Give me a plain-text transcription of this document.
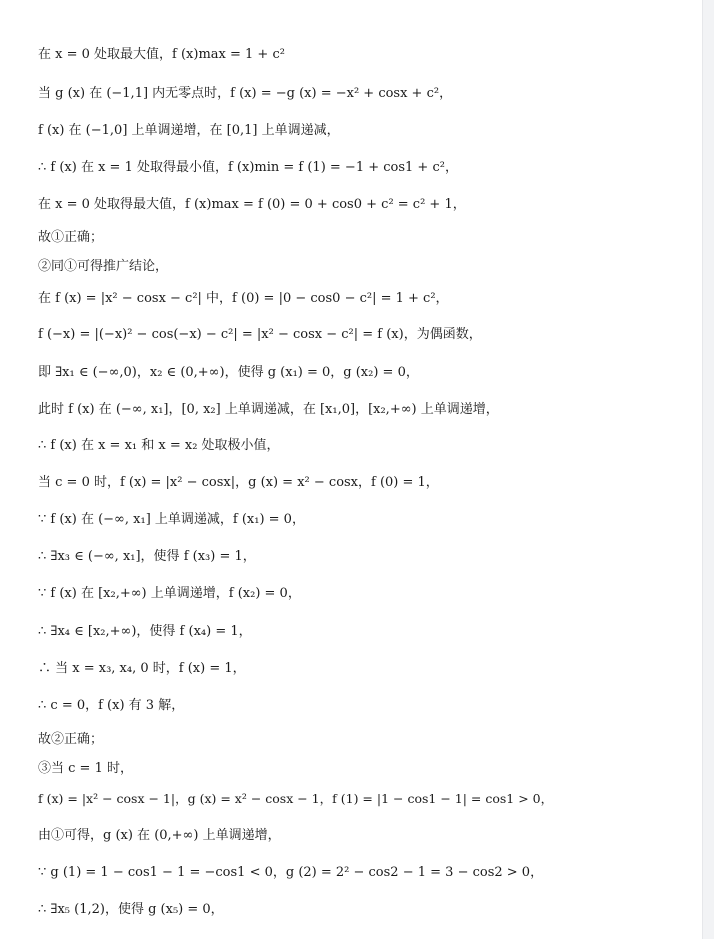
在 x = 0 处取最大值，f (x)max = 1 + c²
当 g (x) 在 (−1,1] 内无零点时，f (x) = −g (x) = −x² + cosx + c²，
f (x) 在 (−1,0] 上单调递增，在 [0,1] 上单调递减，
∴ f (x) 在 x = 1 处取得最小值，f (x)min = f (1) = −1 + cos1 + c²，
在 x = 0 处取得最大值，f (x)max = f (0) = 0 + cos0 + c² = c² + 1，
故①正确；
②同①可得推广结论，
在 f (x) = |x² − cosx − c²| 中，f (0) = |0 − cos0 − c²| = 1 + c²，
f (−x) = |(−x)² − cos(−x) − c²| = |x² − cosx − c²| = f (x)，为偶函数，
即 ∃x₁ ∈ (−∞,0)，x₂ ∈ (0,+∞)，使得 g (x₁) = 0，g (x₂) = 0，
此时 f (x) 在 (−∞, x₁]，[0, x₂] 上单调递减，在 [x₁,0]，[x₂,+∞) 上单调递增，
∴ f (x) 在 x = x₁ 和 x = x₂ 处取极小值，
当 c = 0 时，f (x) = |x² − cosx|，g (x) = x² − cosx，f (0) = 1，
∵ f (x) 在 (−∞, x₁] 上单调递减，f (x₁) = 0，
∴ ∃x₃ ∈ (−∞, x₁]，使得 f (x₃) = 1，
∵ f (x) 在 [x₂,+∞) 上单调递增，f (x₂) = 0，
∴ ∃x₄ ∈ [x₂,+∞)，使得 f (x₄) = 1，
∴ 当 x = x₃, x₄, 0 时，f (x) = 1，
∴ c = 0，f (x) 有 3 解，
故②正确；
③当 c = 1 时，
f (x) = |x² − cosx − 1|，g (x) = x² − cosx − 1，f (1) = |1 − cos1 − 1| = cos1 > 0，
由①可得，g (x) 在 (0,+∞) 上单调递增，
∵ g (1) = 1 − cos1 − 1 = −cos1 < 0，g (2) = 2² − cos2 − 1 = 3 − cos2 > 0，
∴ ∃x₅ (1,2)，使得 g (x₅) = 0，
